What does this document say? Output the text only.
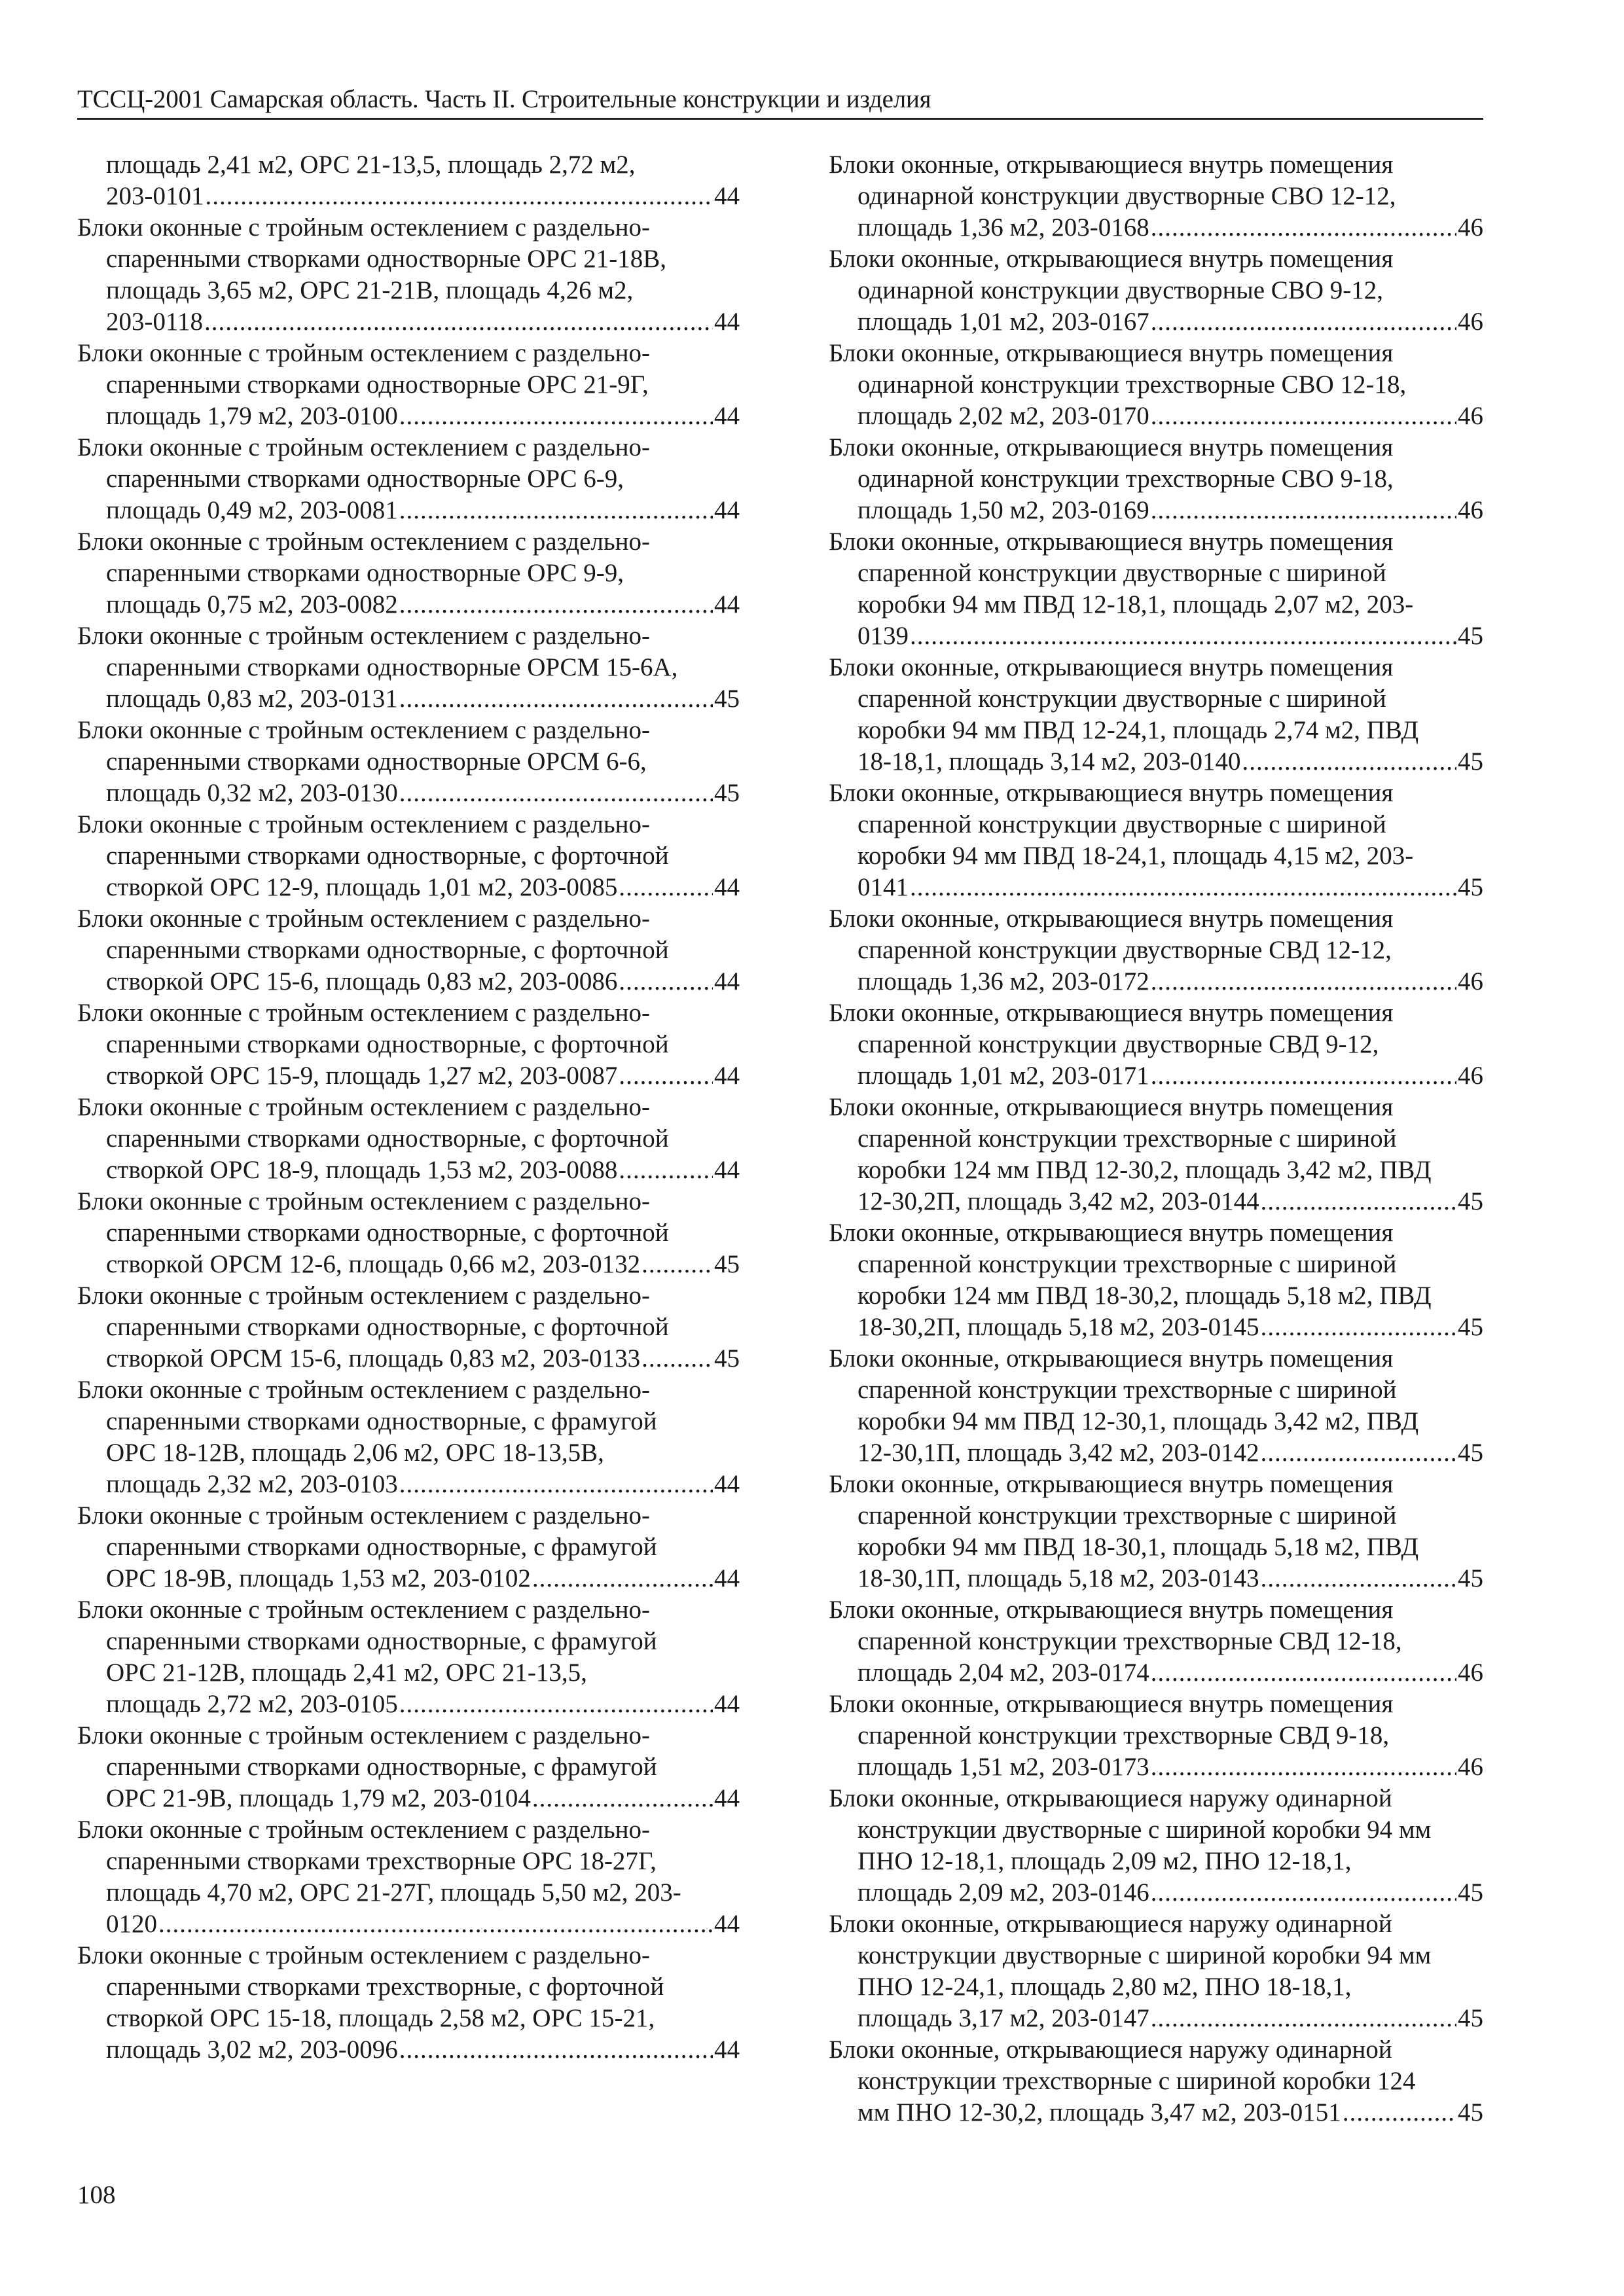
ТССЦ-2001 Самарская область. Часть II. Строительные конструкции и изделия
площадь 2,41 м2, ОРС 21-13,5, площадь 2,72 м2,
203-0101 .....	44
Блоки оконные с тройным остеклением с раздельно-
спаренными створками одностворные ОРС 21-18В,
площадь 3,65 м2, ОРС 21-21В, площадь 4,26 м2,
203-0118 .....	44
Блоки оконные с тройным остеклением с раздельно-
спаренными створками одностворные ОРС 21-9Г,
площадь 1,79 м2, 203-0100 .....	44
Блоки оконные с тройным остеклением с раздельно-
спаренными створками одностворные ОРС 6-9,
площадь 0,49 м2, 203-0081 .....	44
Блоки оконные с тройным остеклением с раздельно-
спаренными створками одностворные ОРС 9-9,
площадь 0,75 м2, 203-0082 .....	44
Блоки оконные с тройным остеклением с раздельно-
спаренными створками одностворные ОРСМ 15-6А,
площадь 0,83 м2, 203-0131 .....	45
Блоки оконные с тройным остеклением с раздельно-
спаренными створками одностворные ОРСМ 6-6,
площадь 0,32 м2, 203-0130 .....	45
Блоки оконные с тройным остеклением с раздельно-
спаренными створками одностворные, с форточной
створкой ОРС 12-9, площадь 1,01 м2, 203-0085 .....	44
Блоки оконные с тройным остеклением с раздельно-
спаренными створками одностворные, с форточной
створкой ОРС 15-6, площадь 0,83 м2, 203-0086 .....	44
Блоки оконные с тройным остеклением с раздельно-
спаренными створками одностворные, с форточной
створкой ОРС 15-9, площадь 1,27 м2, 203-0087 .....	44
Блоки оконные с тройным остеклением с раздельно-
спаренными створками одностворные, с форточной
створкой ОРС 18-9, площадь 1,53 м2, 203-0088 .....	44
Блоки оконные с тройным остеклением с раздельно-
спаренными створками одностворные, с форточной
створкой ОРСМ 12-6, площадь 0,66 м2, 203-0132 .....	45
Блоки оконные с тройным остеклением с раздельно-
спаренными створками одностворные, с форточной
створкой ОРСМ 15-6, площадь 0,83 м2, 203-0133 .....	45
Блоки оконные с тройным остеклением с раздельно-
спаренными створками одностворные, с фрамугой
ОРС 18-12В, площадь 2,06 м2, ОРС 18-13,5В,
площадь 2,32 м2, 203-0103 .....	44
Блоки оконные с тройным остеклением с раздельно-
спаренными створками одностворные, с фрамугой
ОРС 18-9В, площадь 1,53 м2, 203-0102 .....	44
Блоки оконные с тройным остеклением с раздельно-
спаренными створками одностворные, с фрамугой
ОРС 21-12В, площадь 2,41 м2, ОРС 21-13,5,
площадь 2,72 м2, 203-0105 .....	44
Блоки оконные с тройным остеклением с раздельно-
спаренными створками одностворные, с фрамугой
ОРС 21-9В, площадь 1,79 м2, 203-0104 .....	44
Блоки оконные с тройным остеклением с раздельно-
спаренными створками трехстворные ОРС 18-27Г,
площадь 4,70 м2, ОРС 21-27Г, площадь 5,50 м2, 203-
0120 .....	44
Блоки оконные с тройным остеклением с раздельно-
спаренными створками трехстворные, с форточной
створкой ОРС 15-18, площадь 2,58 м2, ОРС 15-21,
площадь 3,02 м2, 203-0096 .....	44
Блоки оконные, открывающиеся внутрь помещения
одинарной конструкции двустворные СВО 12-12,
площадь 1,36 м2, 203-0168 .....	46
Блоки оконные, открывающиеся внутрь помещения
одинарной конструкции двустворные СВО 9-12,
площадь 1,01 м2, 203-0167 .....	46
Блоки оконные, открывающиеся внутрь помещения
одинарной конструкции трехстворные СВО 12-18,
площадь 2,02 м2, 203-0170 .....	46
Блоки оконные, открывающиеся внутрь помещения
одинарной конструкции трехстворные СВО 9-18,
площадь 1,50 м2, 203-0169 .....	46
Блоки оконные, открывающиеся внутрь помещения
спаренной конструкции двустворные с шириной
коробки 94 мм ПВД 12-18,1, площадь 2,07 м2, 203-
0139 .....	45
Блоки оконные, открывающиеся внутрь помещения
спаренной конструкции двустворные с шириной
коробки 94 мм ПВД 12-24,1, площадь 2,74 м2, ПВД
18-18,1, площадь 3,14 м2, 203-0140 .....	45
Блоки оконные, открывающиеся внутрь помещения
спаренной конструкции двустворные с шириной
коробки 94 мм ПВД 18-24,1, площадь 4,15 м2, 203-
0141 .....	45
Блоки оконные, открывающиеся внутрь помещения
спаренной конструкции двустворные СВД 12-12,
площадь 1,36 м2, 203-0172 .....	46
Блоки оконные, открывающиеся внутрь помещения
спаренной конструкции двустворные СВД 9-12,
площадь 1,01 м2, 203-0171 .....	46
Блоки оконные, открывающиеся внутрь помещения
спаренной конструкции трехстворные с шириной
коробки 124 мм ПВД 12-30,2, площадь 3,42 м2, ПВД
12-30,2П, площадь 3,42 м2, 203-0144 .....	45
Блоки оконные, открывающиеся внутрь помещения
спаренной конструкции трехстворные с шириной
коробки 124 мм ПВД 18-30,2, площадь 5,18 м2, ПВД
18-30,2П, площадь 5,18 м2, 203-0145 .....	45
Блоки оконные, открывающиеся внутрь помещения
спаренной конструкции трехстворные с шириной
коробки 94 мм ПВД 12-30,1, площадь 3,42 м2, ПВД
12-30,1П, площадь 3,42 м2, 203-0142 .....	45
Блоки оконные, открывающиеся внутрь помещения
спаренной конструкции трехстворные с шириной
коробки 94 мм ПВД 18-30,1, площадь 5,18 м2, ПВД
18-30,1П, площадь 5,18 м2, 203-0143 .....	45
Блоки оконные, открывающиеся внутрь помещения
спаренной конструкции трехстворные СВД 12-18,
площадь 2,04 м2, 203-0174 .....	46
Блоки оконные, открывающиеся внутрь помещения
спаренной конструкции трехстворные СВД 9-18,
площадь 1,51 м2, 203-0173 .....	46
Блоки оконные, открывающиеся наружу одинарной
конструкции двустворные с шириной коробки 94 мм
ПНО 12-18,1, площадь 2,09 м2, ПНО 12-18,1,
площадь 2,09 м2, 203-0146 .....	45
Блоки оконные, открывающиеся наружу одинарной
конструкции двустворные с шириной коробки 94 мм
ПНО 12-24,1, площадь 2,80 м2, ПНО 18-18,1,
площадь 3,17 м2, 203-0147 .....	45
Блоки оконные, открывающиеся наружу одинарной
конструкции трехстворные с шириной коробки 124
мм ПНО 12-30,2, площадь 3,47 м2, 203-0151 .....	45
108
